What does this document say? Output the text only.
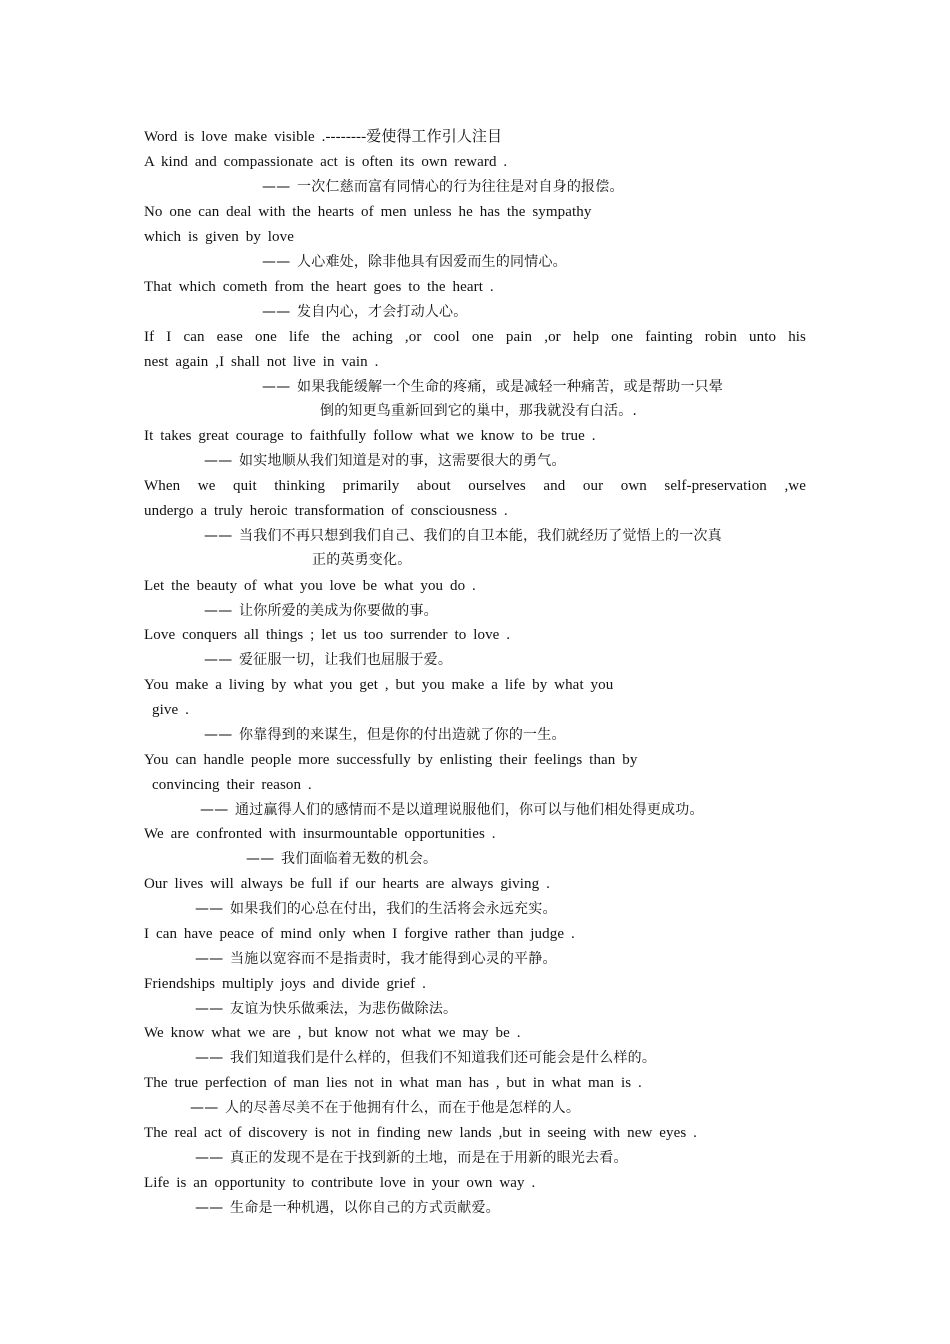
Word is love make visible .--------爱使得工作引人注目

A kind and compassionate act is often its own reward .

—— 一次仁慈而富有同情心的行为往往是对自身的报偿。

No one can deal with the hearts of men unless he has the sympathy

which is given by love

—— 人心难处，除非他具有因爱而生的同情心。

That which cometh from the heart goes to the heart .

—— 发自内心，才会打动人心。

If I can ease one life the aching ,or cool one pain ,or help one fainting robin unto his

nest again ,I shall not live in vain .

—— 如果我能缓解一个生命的疼痛，或是减轻一种痛苦，或是帮助一只晕

倒的知更鸟重新回到它的巢中，那我就没有白活。.

It takes great courage to faithfully follow what we know to be true .

—— 如实地顺从我们知道是对的事，这需要很大的勇气。

When we quit thinking primarily about ourselves and our own self-preservation ,we

undergo a truly heroic transformation of consciousness .

—— 当我们不再只想到我们自己、我们的自卫本能，我们就经历了觉悟上的一次真

正的英勇变化。

Let the beauty of what you love be what you do .

—— 让你所爱的美成为你要做的事。

Love conquers all things ; let us too surrender to love .

—— 爱征服一切，让我们也屈服于爱。

You make a living by what you get , but you make a life by what you

give .

—— 你靠得到的来谋生，但是你的付出造就了你的一生。

You can handle people more successfully by enlisting their feelings than by

convincing their reason .

—— 通过赢得人们的感情而不是以道理说服他们，你可以与他们相处得更成功。

We are confronted with insurmountable opportunities .

—— 我们面临着无数的机会。

Our lives will always be full if our hearts are always giving .

—— 如果我们的心总在付出，我们的生活将会永远充实。

I can have peace of mind only when I forgive rather than judge .

—— 当施以宽容而不是指责时，我才能得到心灵的平静。

Friendships multiply joys and divide grief .

—— 友谊为快乐做乘法，为悲伤做除法。

We know what we are , but know not what we may be .

—— 我们知道我们是什么样的，但我们不知道我们还可能会是什么样的。

The true perfection of man lies not in what man has , but in what man is .

—— 人的尽善尽美不在于他拥有什么，而在于他是怎样的人。

The real act of discovery is not in finding new lands ,but in seeing with new eyes .

—— 真正的发现不是在于找到新的土地，而是在于用新的眼光去看。

Life is an opportunity to contribute love in your own way .

—— 生命是一种机遇，以你自己的方式贡献爱。
